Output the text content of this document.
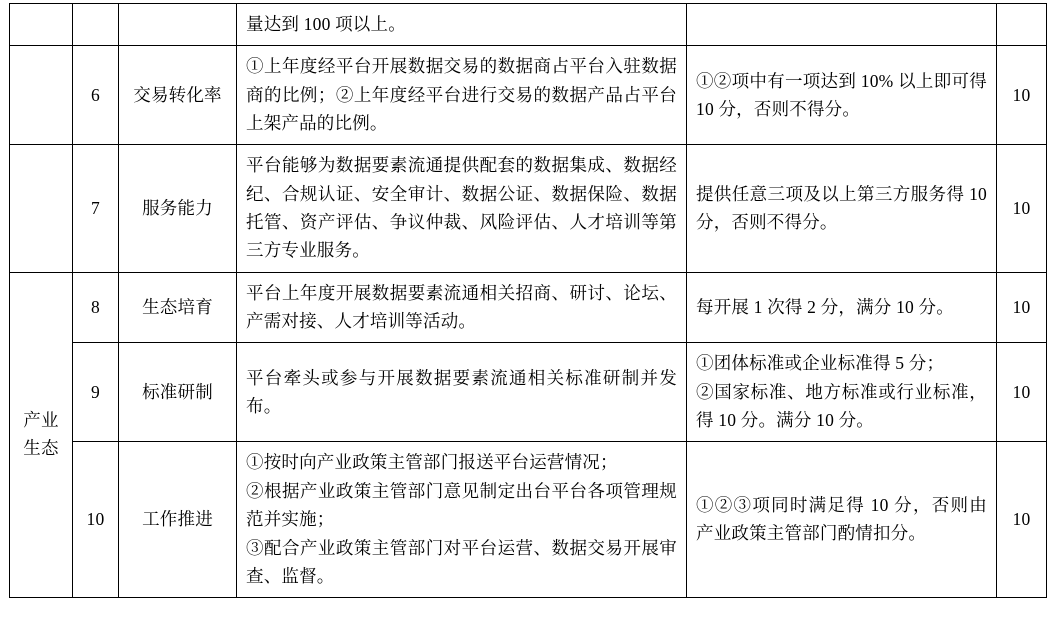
			量达到 100 项以上。		

	6	交易转化率	①上年度经平台开展数据交易的数据商占平台入驻数据商的比例；②上年度经平台进行交易的数据产品占平台上架产品的比例。	①②项中有一项达到 10% 以上即可得 10 分，否则不得分。	10
	7	服务能力	平台能够为数据要素流通提供配套的数据集成、数据经纪、合规认证、安全审计、数据公证、数据保险、数据托管、资产评估、争议仲裁、风险评估、人才培训等第三方专业服务。	提供任意三项及以上第三方服务得 10 分，否则不得分。	10

产业生态	8	生态培育	平台上年度开展数据要素流通相关招商、研讨、论坛、产需对接、人才培训等活动。	每开展 1 次得 2 分，满分 10 分。	10
	9	标准研制	平台牽头或参与开展数据要素流通相关标准研制并发布。	①团体标准或企业标准得 5 分；
②国家标准、地方标准或行业标准，得 10 分。满分 10 分。	10
	10	工作推进	①按时向产业政策主管部门报送平台运营情况；
②根据产业政策主管部门意见制定出台平台各项管理规范并实施；
③配合产业政策主管部门对平台运营、数据交易开展审查、监督。	①②③项同时满足得 10 分，否则由产业政策主管部门酌情扣分。	10
